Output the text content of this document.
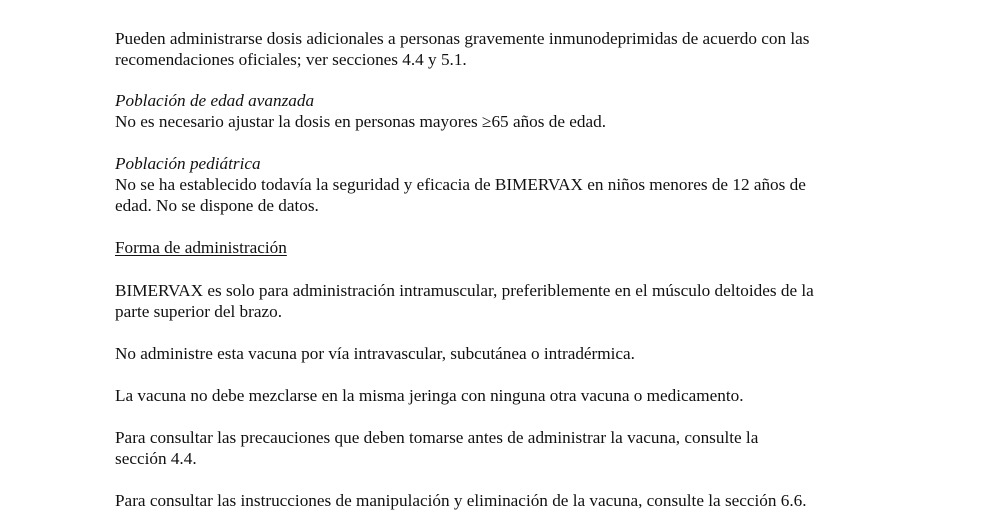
Pueden administrarse dosis adicionales a personas gravemente inmunodeprimidas de acuerdo con las
recomendaciones oficiales; ver secciones 4.4 y 5.1.

Población de edad avanzada

No es necesario ajustar la dosis en personas mayores ≥65 años de edad.

Población pediátrica

No se ha establecido todavía la seguridad y eficacia de BIMERVAX en niños menores de 12 años de
edad. No se dispone de datos.

Forma de administración

BIMERVAX es solo para administración intramuscular, preferiblemente en el músculo deltoides de la
parte superior del brazo.

No administre esta vacuna por vía intravascular, subcutánea o intradérmica.

La vacuna no debe mezclarse en la misma jeringa con ninguna otra vacuna o medicamento.

Para consultar las precauciones que deben tomarse antes de administrar la vacuna, consulte la
sección 4.4.

Para consultar las instrucciones de manipulación y eliminación de la vacuna, consulte la sección 6.6.
